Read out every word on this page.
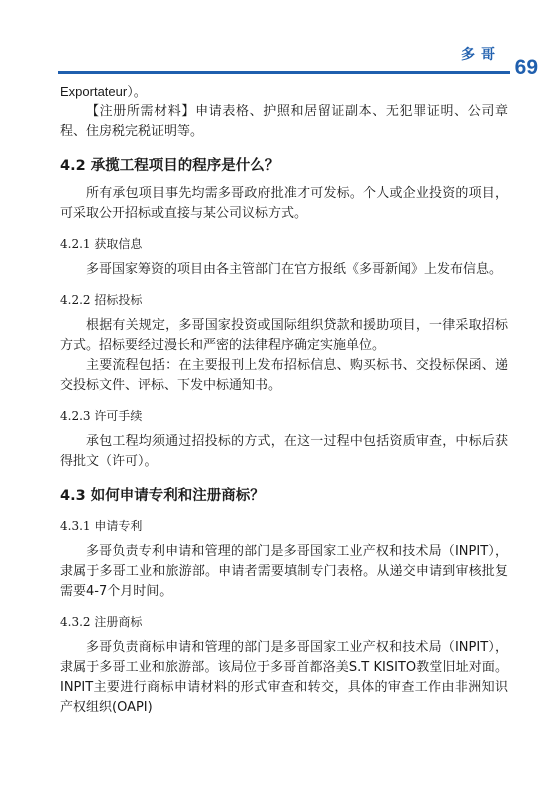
多哥
69

Exportateur）。

【注册所需材料】申请表格、护照和居留证副本、无犯罪证明、公司章程、住房税完税证明等。

4.2 承揽工程项目的程序是什么？

所有承包项目事先均需多哥政府批准才可发标。个人或企业投资的项目，可采取公开招标或直接与某公司议标方式。

4.2.1 获取信息

多哥国家筹资的项目由各主管部门在官方报纸《多哥新闻》上发布信息。

4.2.2 招标投标

根据有关规定，多哥国家投资或国际组织贷款和援助项目，一律采取招标方式。招标要经过漫长和严密的法律程序确定实施单位。

主要流程包括：在主要报刊上发布招标信息、购买标书、交投标保函、递交投标文件、评标、下发中标通知书。

4.2.3 许可手续

承包工程均须通过招投标的方式，在这一过程中包括资质审查，中标后获得批文（许可）。

4.3 如何申请专利和注册商标？
4.3.1 申请专利

多哥负责专利申请和管理的部门是多哥国家工业产权和技术局（INPIT），隶属于多哥工业和旅游部。申请者需要填制专门表格。从递交申请到审核批复需要4-7个月时间。

4.3.2 注册商标

多哥负责商标申请和管理的部门是多哥国家工业产权和技术局（INPIT），隶属于多哥工业和旅游部。该局位于多哥首都洛美S.T KISITO教堂旧址对面。INPIT主要进行商标申请材料的形式审查和转交，具体的审查工作由非洲知识产权组织(OAPI)
